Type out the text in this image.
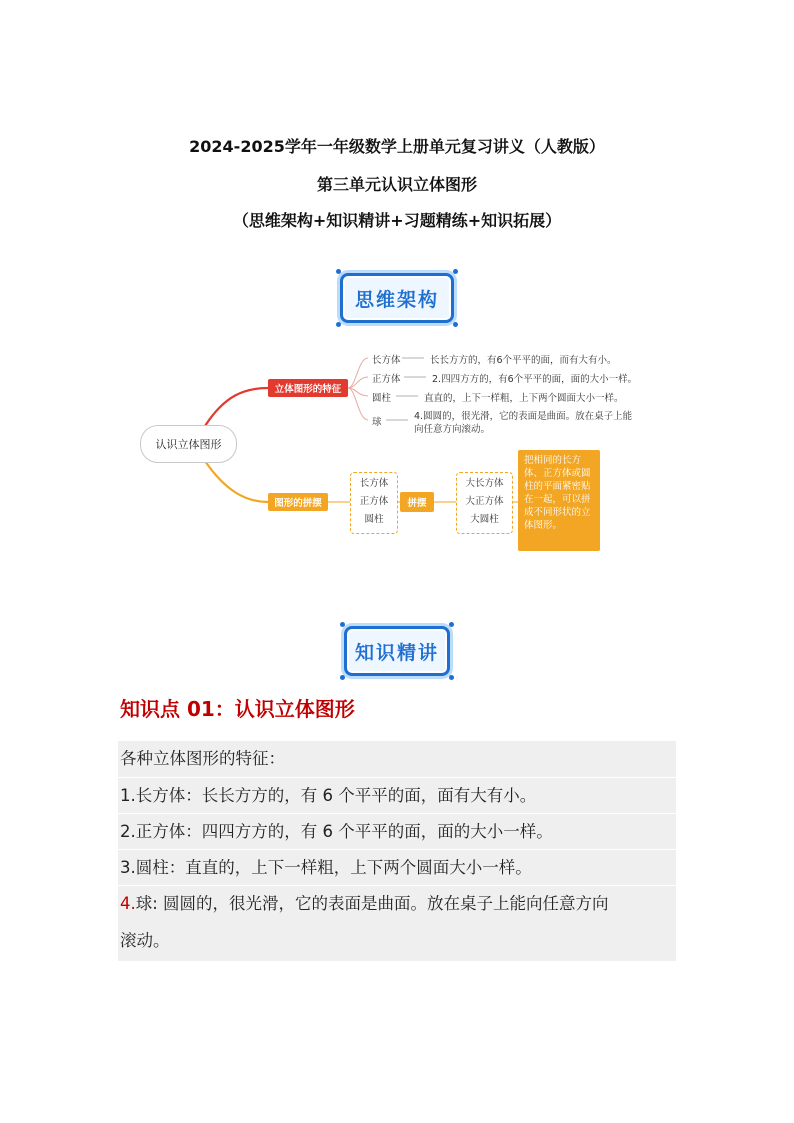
2024-2025学年一年级数学上册单元复习讲义（人教版）
第三单元认识立体图形
（思维架构+知识精讲+习题精练+知识拓展）
思维架构
认识立体图形
立体图形的特征
长方体	长长方方的，有6个平平的面，而有大有小。
正方体	2.四四方方的，有6个平平的面，面的大小一样。
圆柱	直直的，上下一样粗，上下两个圆面大小一样。
球
4.圆圆的，很光滑，它的表面是曲面。放在桌子上能
向任意方向滚动。
图形的拼摆
长方体
正方体
圆柱
拼摆
大长方体
大正方体
大圆柱
把相同的长方体、正方体或圆柱的平面紧密贴在一起，可以拼成不同形状的立体图形。
知识精讲
知识点 01：认识立体图形
各种立体图形的特征：
1.长方体：长长方方的，有 6 个平平的面，面有大有小。
2.正方体：四四方方的，有 6 个平平的面，面的大小一样。
3.圆柱：直直的，上下一样粗，上下两个圆面大小一样。
4.球: 圆圆的，很光滑，它的表面是曲面。放在桌子上能向任意方向
滚动。
